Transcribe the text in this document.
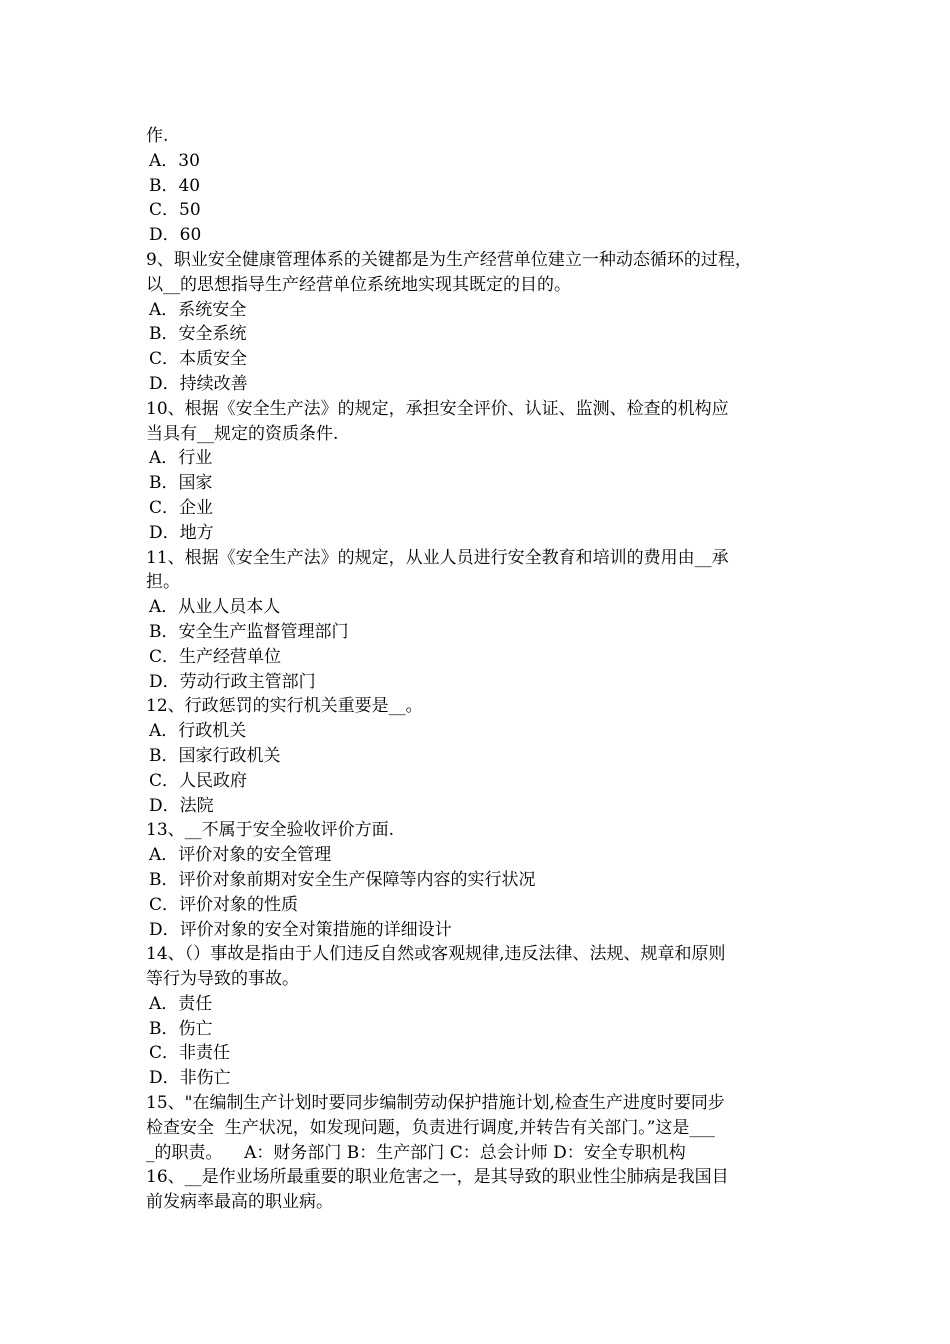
作.
A．30
B．40
C．50
D．60
9、职业安全健康管理体系的关键都是为生产经营单位建立一种动态循环的过程，
以__的思想指导生产经营单位系统地实现其既定的目的。
A．系统安全
B．安全系统
C．本质安全
D．持续改善
10、根据《安全生产法》的规定，承担安全评价、认证、监测、检查的机构应
当具有__规定的资质条件.
A．行业
B．国家
C．企业
D．地方
11、根据《安全生产法》的规定，从业人员进行安全教育和培训的费用由__承
担。
A．从业人员本人
B．安全生产监督管理部门
C．生产经营单位
D．劳动行政主管部门
12、行政惩罚的实行机关重要是__。
A．行政机关
B．国家行政机关
C．人民政府
D．法院
13、__不属于安全验收评价方面.
A．评价对象的安全管理
B．评价对象前期对安全生产保障等内容的实行状况
C．评价对象的性质
D．评价对象的安全对策措施的详细设计
14、（）事故是指由于人们违反自然或客观规律,违反法律、法规、规章和原则
等行为导致的事故。
A．责任
B．伤亡
C．非责任
D．非伤亡
15、"在编制生产计划时要同步编制劳动保护措施计划,检查生产进度时要同步
检查安全  生产状况，如发现问题，负责进行调度,并转告有关部门。”这是___
_的职责。    A：财务部门 B：生产部门 C：总会计师 D：安全专职机构
16、__是作业场所最重要的职业危害之一，是其导致的职业性尘肺病是我国目
前发病率最高的职业病。
